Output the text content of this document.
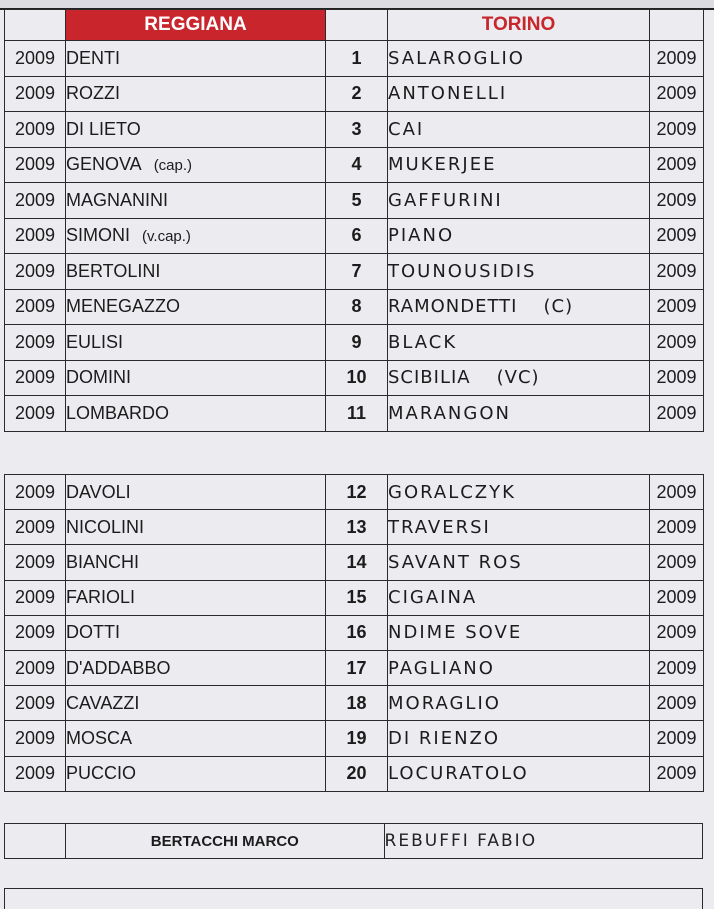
	REGGIANA		TORINO	
2009	DENTI	1	SALAROGLIO	2009
2009	ROZZI	2	ANTONELLI	2009
2009	DI LIETO	3	CAI	2009
2009	GENOVA (cap.)	4	MUKERJEE	2009
2009	MAGNANINI	5	GAFFURINI	2009
2009	SIMONI (v.cap.)	6	PIANO	2009
2009	BERTOLINI	7	TOUNOUSIDIS	2009
2009	MENEGAZZO	8	RAMONDETTI (C)	2009
2009	EULISI	9	BLACK	2009
2009	DOMINI	10	SCIBILIA (VC)	2009
2009	LOMBARDO	11	MARANGON	2009
2009	DAVOLI	12	GORALCZYK	2009
2009	NICOLINI	13	TRAVERSI	2009
2009	BIANCHI	14	SAVANT ROS	2009
2009	FARIOLI	15	CIGAINA	2009
2009	DOTTI	16	NDIME SOVE	2009
2009	D'ADDABBO	17	PAGLIANO	2009
2009	CAVAZZI	18	MORAGLIO	2009
2009	MOSCA	19	DI RIENZO	2009
2009	PUCCIO	20	LOCURATOLO	2009
	BERTACCHI MARCO	REBUFFI FABIO
